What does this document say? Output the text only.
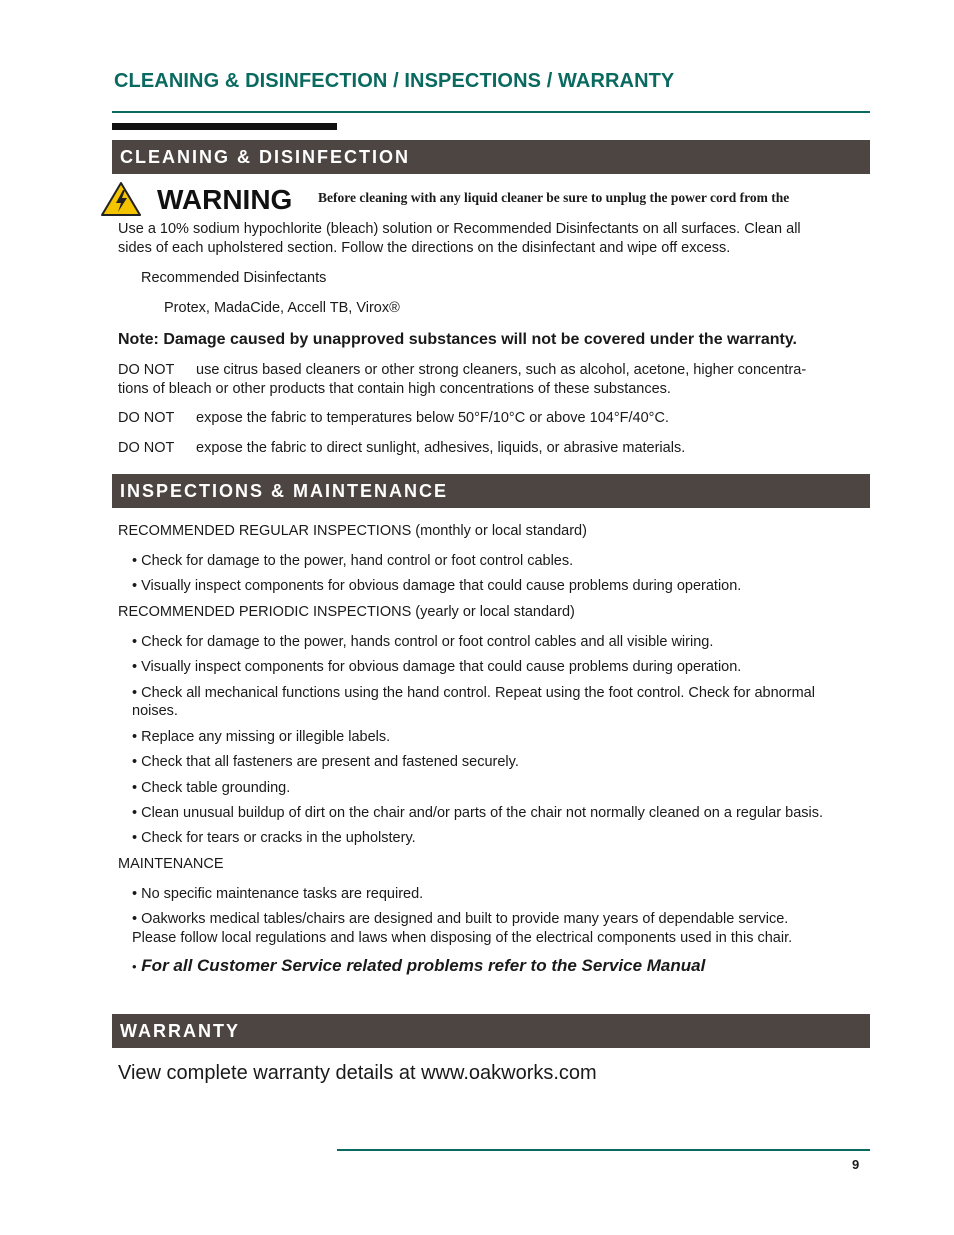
CLEANING & DISINFECTION / INSPECTIONS / WARRANTY
CLEANING & DISINFECTION
WARNING Before cleaning with any liquid cleaner be sure to unplug the power cord from the
Use a 10% sodium hypochlorite (bleach) solution or Recommended Disinfectants on all surfaces. Clean all
sides of each upholstered section. Follow the directions on the disinfectant and wipe off excess.
Recommended Disinfectants
Protex, MadaCide, Accell TB, Virox®
Note: Damage caused by unapproved substances will not be covered under the warranty.
DO NOT use citrus based cleaners or other strong cleaners, such as alcohol, acetone, higher concentra-
tions of bleach or other products that contain high concentrations of these substances.
DO NOT expose the fabric to temperatures below 50°F/10°C or above 104°F/40°C.
DO NOT expose the fabric to direct sunlight, adhesives, liquids, or abrasive materials.
INSPECTIONS & MAINTENANCE
RECOMMENDED REGULAR INSPECTIONS (monthly or local standard)
• Check for damage to the power, hand control or foot control cables.
• Visually inspect components for obvious damage that could cause problems during operation.
RECOMMENDED PERIODIC INSPECTIONS (yearly or local standard)
• Check for damage to the power, hands control or foot control cables and all visible wiring.
• Visually inspect components for obvious damage that could cause problems during operation.
• Check all mechanical functions using the hand control. Repeat using the foot control. Check for abnormal
noises.
• Replace any missing or illegible labels.
• Check that all fasteners are present and fastened securely.
• Check table grounding.
• Clean unusual buildup of dirt on the chair and/or parts of the chair not normally cleaned on a regular basis.
• Check for tears or cracks in the upholstery.
MAINTENANCE
• No specific maintenance tasks are required.
• Oakworks medical tables/chairs are designed and built to provide many years of dependable service.
Please follow local regulations and laws when disposing of the electrical components used in this chair.
• For all Customer Service related problems refer to the Service Manual
WARRANTY
View complete warranty details at www.oakworks.com
9
